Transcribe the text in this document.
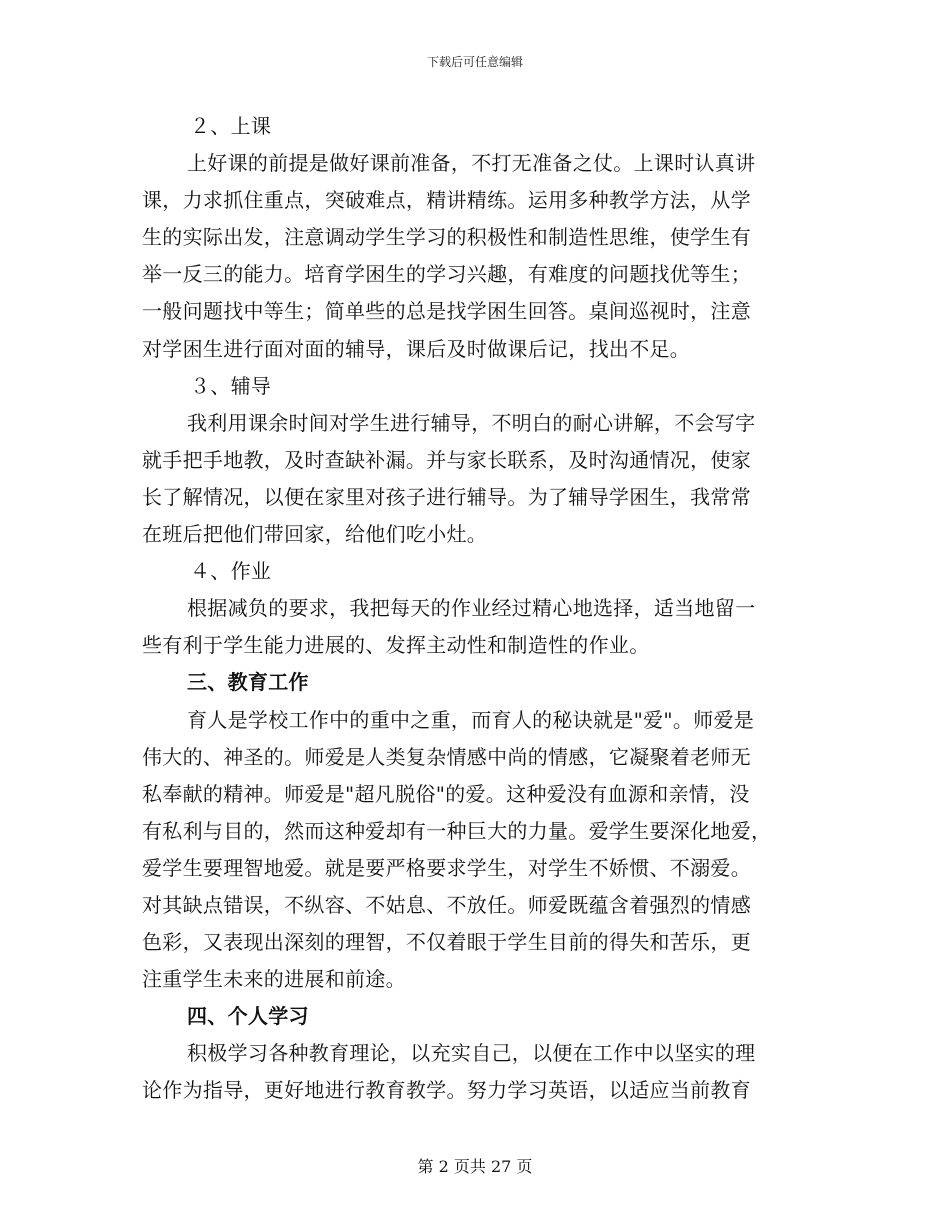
下载后可任意编辑
２、上课
上好课的前提是做好课前准备，不打无准备之仗。上课时认真讲
课，力求抓住重点，突破难点，精讲精练。运用多种教学方法，从学
生的实际出发，注意调动学生学习的积极性和制造性思维，使学生有
举一反三的能力。培育学困生的学习兴趣，有难度的问题找优等生；
一般问题找中等生；简单些的总是找学困生回答。桌间巡视时，注意
对学困生进行面对面的辅导，课后及时做课后记，找出不足。
３、辅导
我利用课余时间对学生进行辅导，不明白的耐心讲解，不会写字
就手把手地教，及时查缺补漏。并与家长联系，及时沟通情况，使家
长了解情况，以便在家里对孩子进行辅导。为了辅导学困生，我常常
在班后把他们带回家，给他们吃小灶。
４、作业
根据减负的要求，我把每天的作业经过精心地选择，适当地留一
些有利于学生能力进展的、发挥主动性和制造性的作业。
三、教育工作
育人是学校工作中的重中之重，而育人的秘诀就是"爱"。师爱是
伟大的、神圣的。师爱是人类复杂情感中尚的情感，它凝聚着老师无
私奉献的精神。师爱是"超凡脱俗"的爱。这种爱没有血源和亲情，没
有私利与目的，然而这种爱却有一种巨大的力量。爱学生要深化地爱，
爱学生要理智地爱。就是要严格要求学生，对学生不娇惯、不溺爱。
对其缺点错误，不纵容、不姑息、不放任。师爱既蕴含着强烈的情感
色彩，又表现出深刻的理智，不仅着眼于学生目前的得失和苦乐，更
注重学生未来的进展和前途。
四、个人学习
积极学习各种教育理论，以充实自己，以便在工作中以坚实的理
论作为指导，更好地进行教育教学。努力学习英语，以适应当前教育
第 2 页共 27 页
